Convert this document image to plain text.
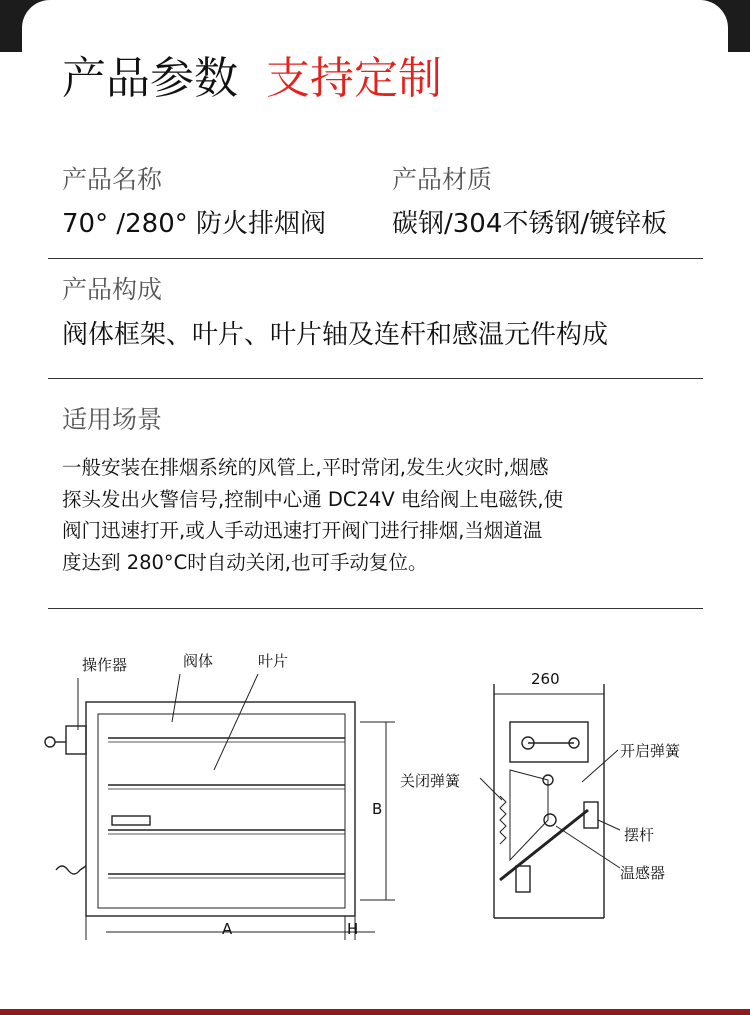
产品参数 支持定制
产品名称
70° /280° 防火排烟阀
产品材质
碳钢/304不锈钢/镀锌板
产品构成
阀体框架、叶片、叶片轴及连杆和感温元件构成
适用场景
一般安装在排烟系统的风管上,平时常闭,发生火灾时,烟感
探头发出火警信号,控制中心通 DC24V 电给阀上电磁铁,使
阀门迅速打开,或人手动迅速打开阀门进行排烟,当烟道温
度达到 280°C时自动关闭,也可手动复位。
操作器	阀体	叶片
A	H
B
260
开启弹簧
关闭弹簧
摆杆
温感器
